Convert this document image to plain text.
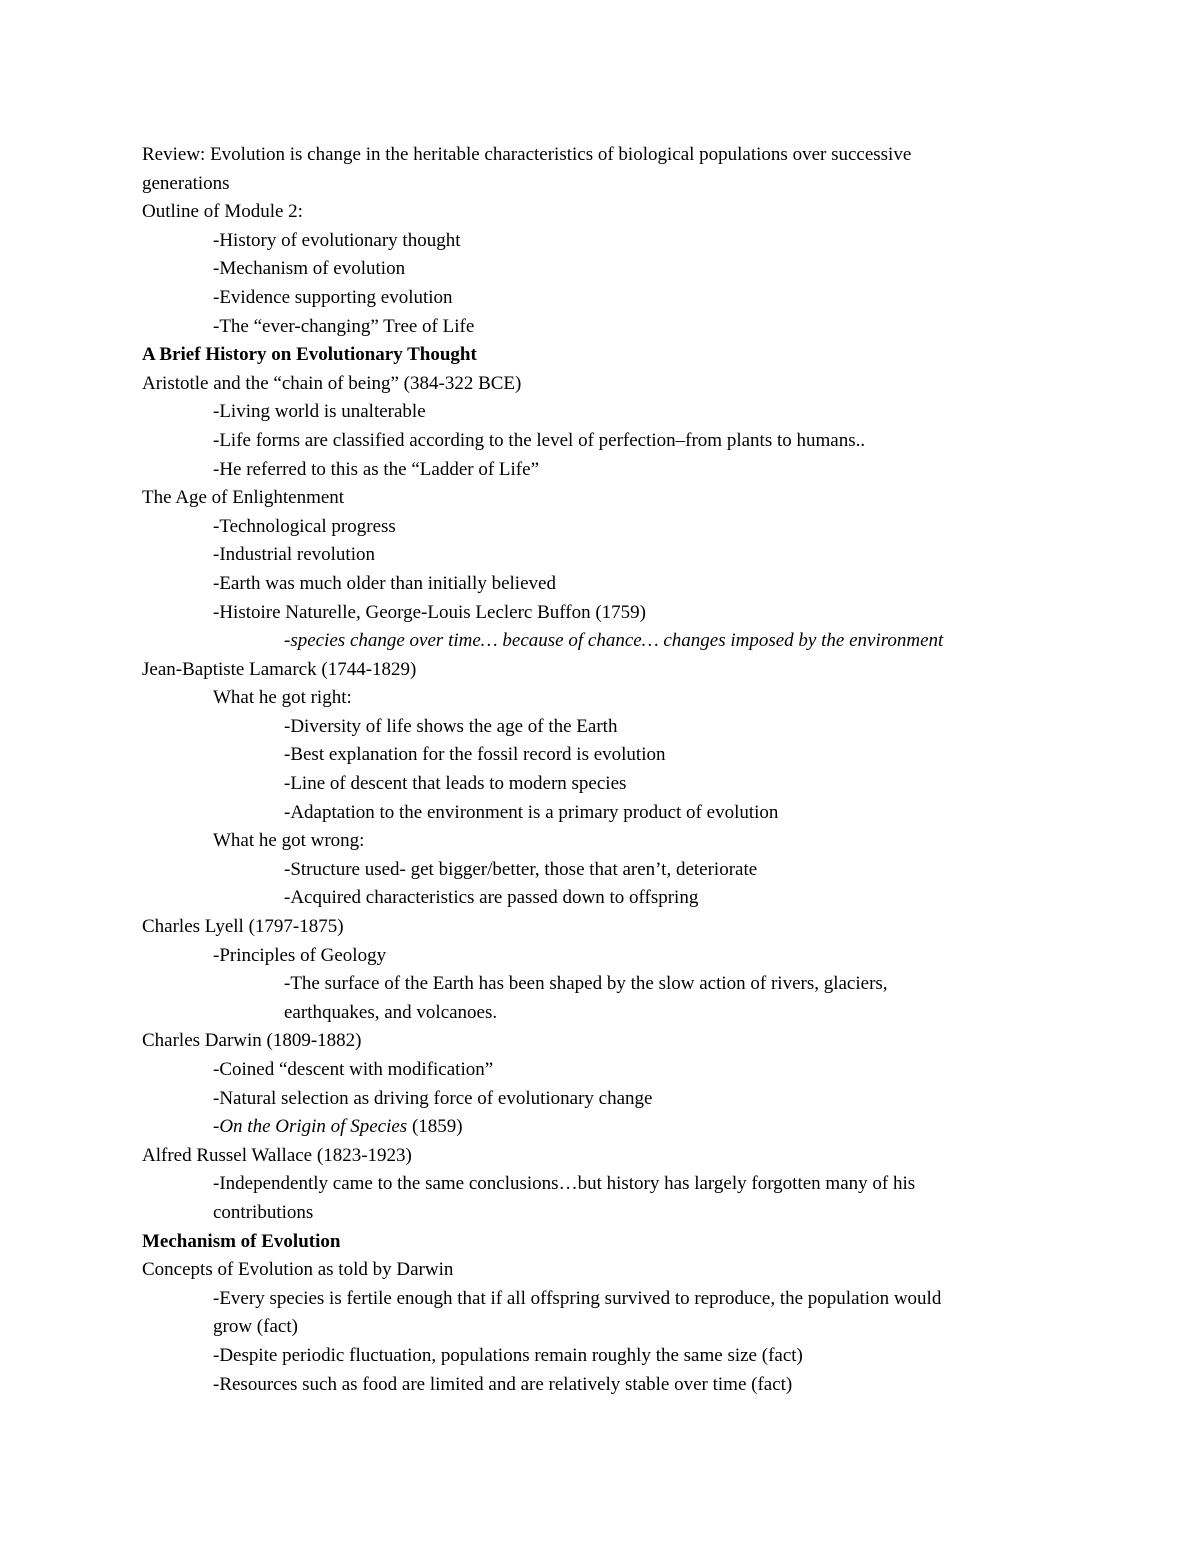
Review: Evolution is change in the heritable characteristics of biological populations over successive
generations
Outline of Module 2:
-History of evolutionary thought
-Mechanism of evolution
-Evidence supporting evolution
-The “ever-changing” Tree of Life
A Brief History on Evolutionary Thought
Aristotle and the “chain of being” (384-322 BCE)
-Living world is unalterable
-Life forms are classified according to the level of perfection–from plants to humans..
-He referred to this as the “Ladder of Life”
The Age of Enlightenment
-Technological progress
-Industrial revolution
-Earth was much older than initially believed
-Histoire Naturelle, George-Louis Leclerc Buffon (1759)
-species change over time… because of chance… changes imposed by the environment
Jean-Baptiste Lamarck (1744-1829)
What he got right:
-Diversity of life shows the age of the Earth
-Best explanation for the fossil record is evolution
-Line of descent that leads to modern species
-Adaptation to the environment is a primary product of evolution
What he got wrong:
-Structure used- get bigger/better, those that aren’t, deteriorate
-Acquired characteristics are passed down to offspring
Charles Lyell (1797-1875)
-Principles of Geology
-The surface of the Earth has been shaped by the slow action of rivers, glaciers,
earthquakes, and volcanoes.
Charles Darwin (1809-1882)
-Coined “descent with modification”
-Natural selection as driving force of evolutionary change
-On the Origin of Species (1859)
Alfred Russel Wallace (1823-1923)
-Independently came to the same conclusions…but history has largely forgotten many of his
contributions
Mechanism of Evolution
Concepts of Evolution as told by Darwin
-Every species is fertile enough that if all offspring survived to reproduce, the population would
grow (fact)
-Despite periodic fluctuation, populations remain roughly the same size (fact)
-Resources such as food are limited and are relatively stable over time (fact)
